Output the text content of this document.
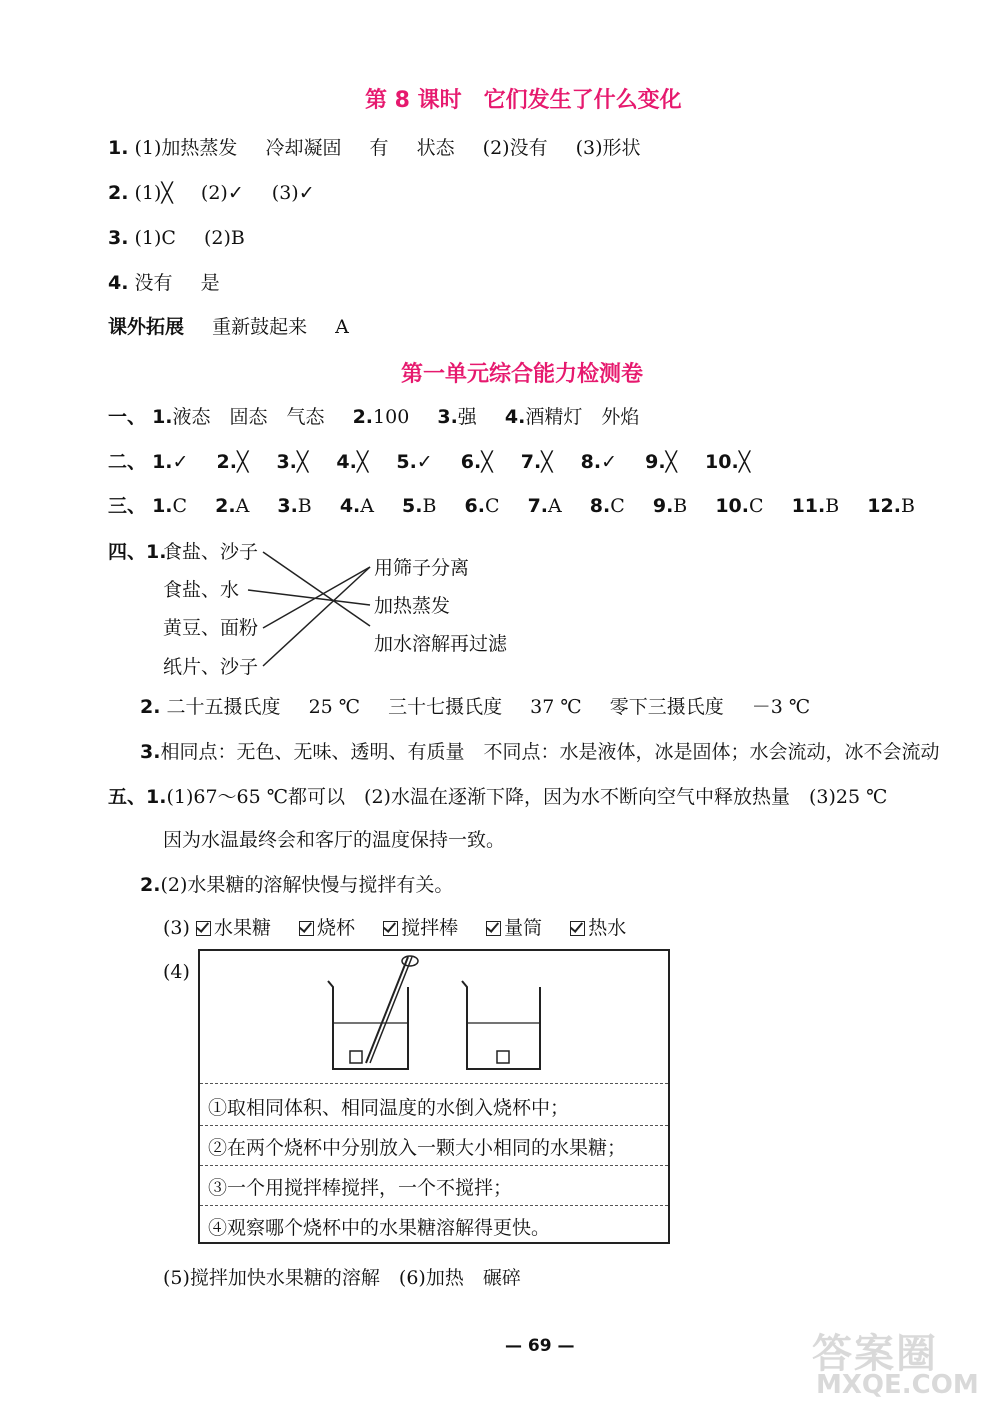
第 8 课时　它们发生了什么变化
1. (1)加热蒸发 冷却凝固 有 状态 (2)没有 (3)形状
2. (1)╳ (2)✓ (3)✓
3. (1)C (2)B
4. 没有 是
课外拓展 重新鼓起来 A
第一单元综合能力检测卷
一、 1.液态　固态　气态 2.100 3.强 4.酒精灯　外焰
二、 1.✓ 2.╳ 3.╳ 4.╳ 5.✓ 6.╳ 7.╳ 8.✓ 9.╳ 10.╳
三、 1.C 2.A 3.B 4.A 5.B 6.C 7.A 8.C 9.B 10.C 11.B 12.B
四、1.
食盐、沙子
食盐、水
黄豆、面粉
纸片、沙子
用筛子分离
加热蒸发
加水溶解再过滤
2. 二十五摄氏度 25 ℃ 三十七摄氏度 37 ℃ 零下三摄氏度 －3 ℃
3.相同点：无色、无味、透明、有质量　不同点：水是液体，冰是固体；水会流动，冰不会流动
五、1.(1)67～65 ℃都可以　(2)水温在逐渐下降，因为水不断向空气中释放热量　(3)25 ℃
因为水温最终会和客厅的温度保持一致。
2.(2)水果糖的溶解快慢与搅拌有关。
(3) 水果糖 烧杯 搅拌棒 量筒 热水
(4)
①取相同体积、相同温度的水倒入烧杯中；
②在两个烧杯中分别放入一颗大小相同的水果糖；
③一个用搅拌棒搅拌，一个不搅拌；
④观察哪个烧杯中的水果糖溶解得更快。
(5)搅拌加快水果糖的溶解　(6)加热　碾碎
— 69 —	答案圈
MXQE.COM
